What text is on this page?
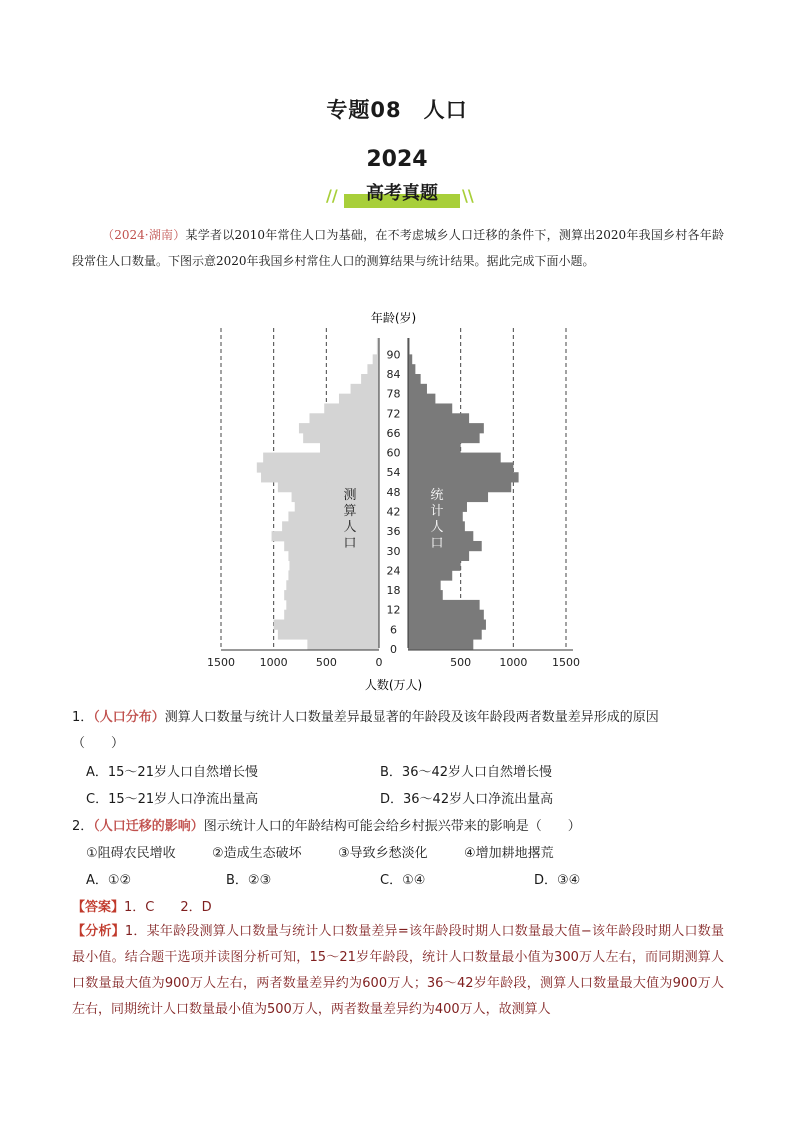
专题08　人口
2024
//	高考真题	\\
（2024·湖南）某学者以2010年常住人口为基础，在不考虑城乡人口迁移的条件下，测算出2020年我国乡村各年龄段常住人口数量。下图示意2020年我国乡村常住人口的测算结果与统计结果。据此完成下面小题。
0
6
12
18
24
30
36
42
48
54
60
66
72
78
84
90
1500 1000	500	0	500	1000 1500
年龄(岁)
人数(万人)
测算人口
统计人口
1．（人口分布）测算人口数量与统计人口数量差异最显著的年龄段及该年龄段两者数量差异形成的原因
（　　）
A．15～21岁人口自然增长慢	B．36～42岁人口自然增长慢
C．15～21岁人口净流出量高	D．36～42岁人口净流出量高
2．（人口迁移的影响）图示统计人口的年龄结构可能会给乡村振兴带来的影响是（　　）
①阻碍农民增收	②造成生态破坏	③导致乡愁淡化	④增加耕地撂荒
A．①②	B．②③	C．①④	D．③④
【答案】1．C　　2．D
【分析】1．某年龄段测算人口数量与统计人口数量差异=该年龄段时期人口数量最大值−该年龄段时期人口数量最小值。结合题干选项并读图分析可知，15～21岁年龄段，统计人口数量最小值为300万人左右，而同期测算人口数量最大值为900万人左右，两者数量差异约为600万人；36～42岁年龄段，测算人口数量最大值为900万人左右，同期统计人口数量最小值为500万人，两者数量差异约为400万人，故测算人
